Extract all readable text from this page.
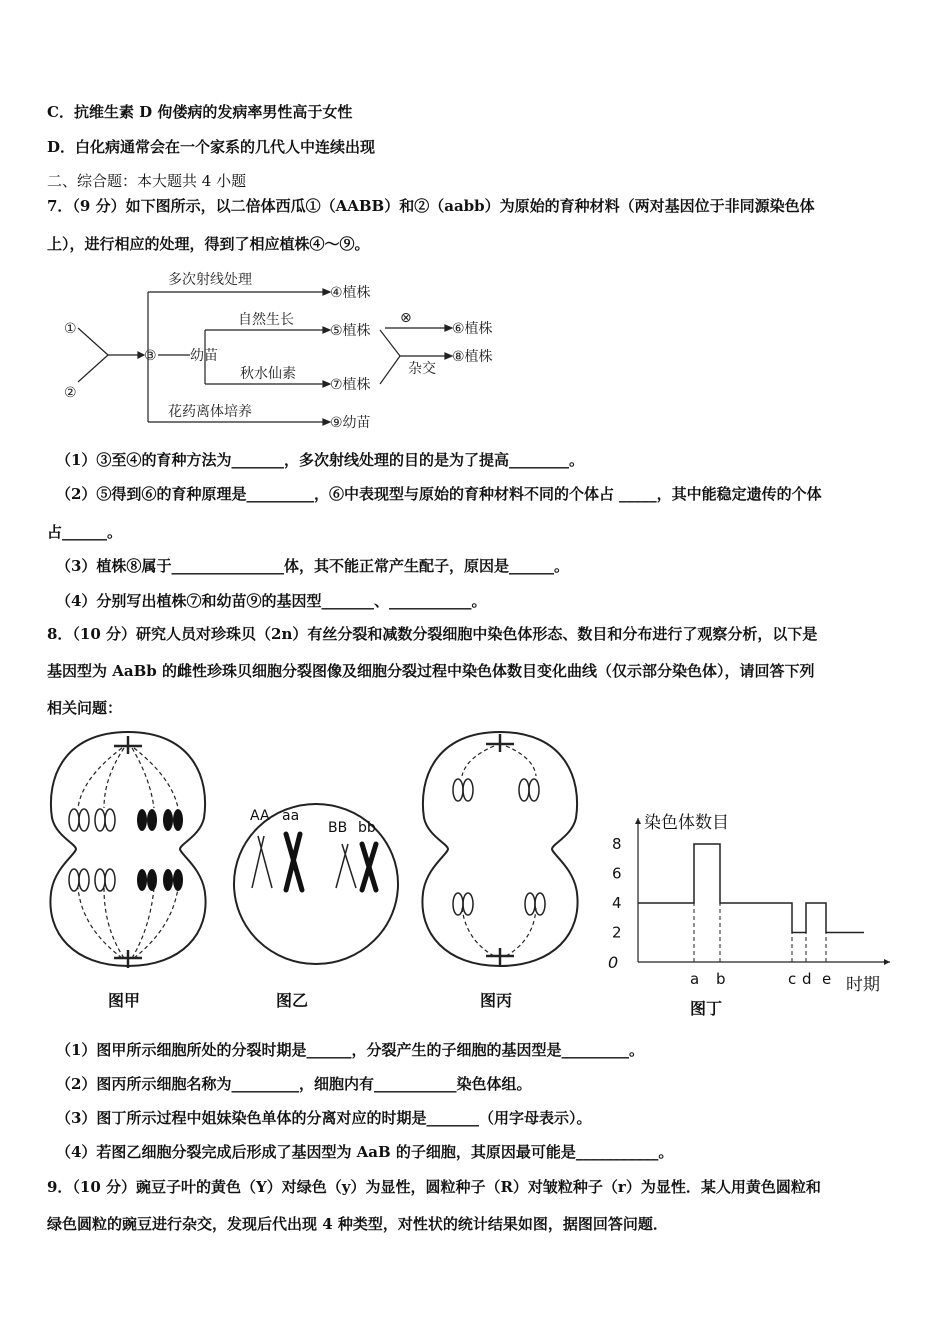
C．抗维生素 D 佝偻病的发病率男性高于女性
D．白化病通常会在一个家系的几代人中连续出现
二、综合题：本大题共 4 小题
7．（9 分）如下图所示，以二倍体西瓜①（AABB）和②（aabb）为原始的育种材料（两对基因位于非同源染色体
上），进行相应的处理，得到了相应植株④～⑨。
①
②
③ 幼苗
多次射线处理
④植株
自然生长
⑤植株
⊗
⑥植株
杂交
⑧植株
秋水仙素
⑦植株
花药离体培养
⑨幼苗
（1）③至④的育种方法为_______，多次射线处理的目的是为了提高________。
（2）⑤得到⑥的育种原理是_________，⑥中表现型与原始的育种材料不同的个体占 _____，其中能稳定遗传的个体
占______。
（3）植株⑧属于_______________体，其不能正常产生配子，原因是______。
（4）分别写出植株⑦和幼苗⑨的基因型_______、___________。
8．（10 分）研究人员对珍珠贝（2n）有丝分裂和减数分裂细胞中染色体形态、数目和分布进行了观察分析，以下是
基因型为 AaBb 的雌性珍珠贝细胞分裂图像及细胞分裂过程中染色体数目变化曲线（仅示部分染色体），请回答下列
相关问题：
图甲
AA aa
BB bb
图乙	图丙
染色体数目
0
2
4
6
8
a b	c d e 时期
图丁
（1）图甲所示细胞所处的分裂时期是______，分裂产生的子细胞的基因型是_________。
（2）图丙所示细胞名称为_________，细胞内有___________染色体组。
（3）图丁所示过程中姐妹染色单体的分离对应的时期是_______（用字母表示）。
（4）若图乙细胞分裂完成后形成了基因型为 AaB 的子细胞，其原因最可能是___________。
9．（10 分）豌豆子叶的黄色（Y）对绿色（y）为显性，圆粒种子（R）对皱粒种子（r）为显性．某人用黄色圆粒和
绿色圆粒的豌豆进行杂交，发现后代出现 4 种类型，对性状的统计结果如图，据图回答问题．
